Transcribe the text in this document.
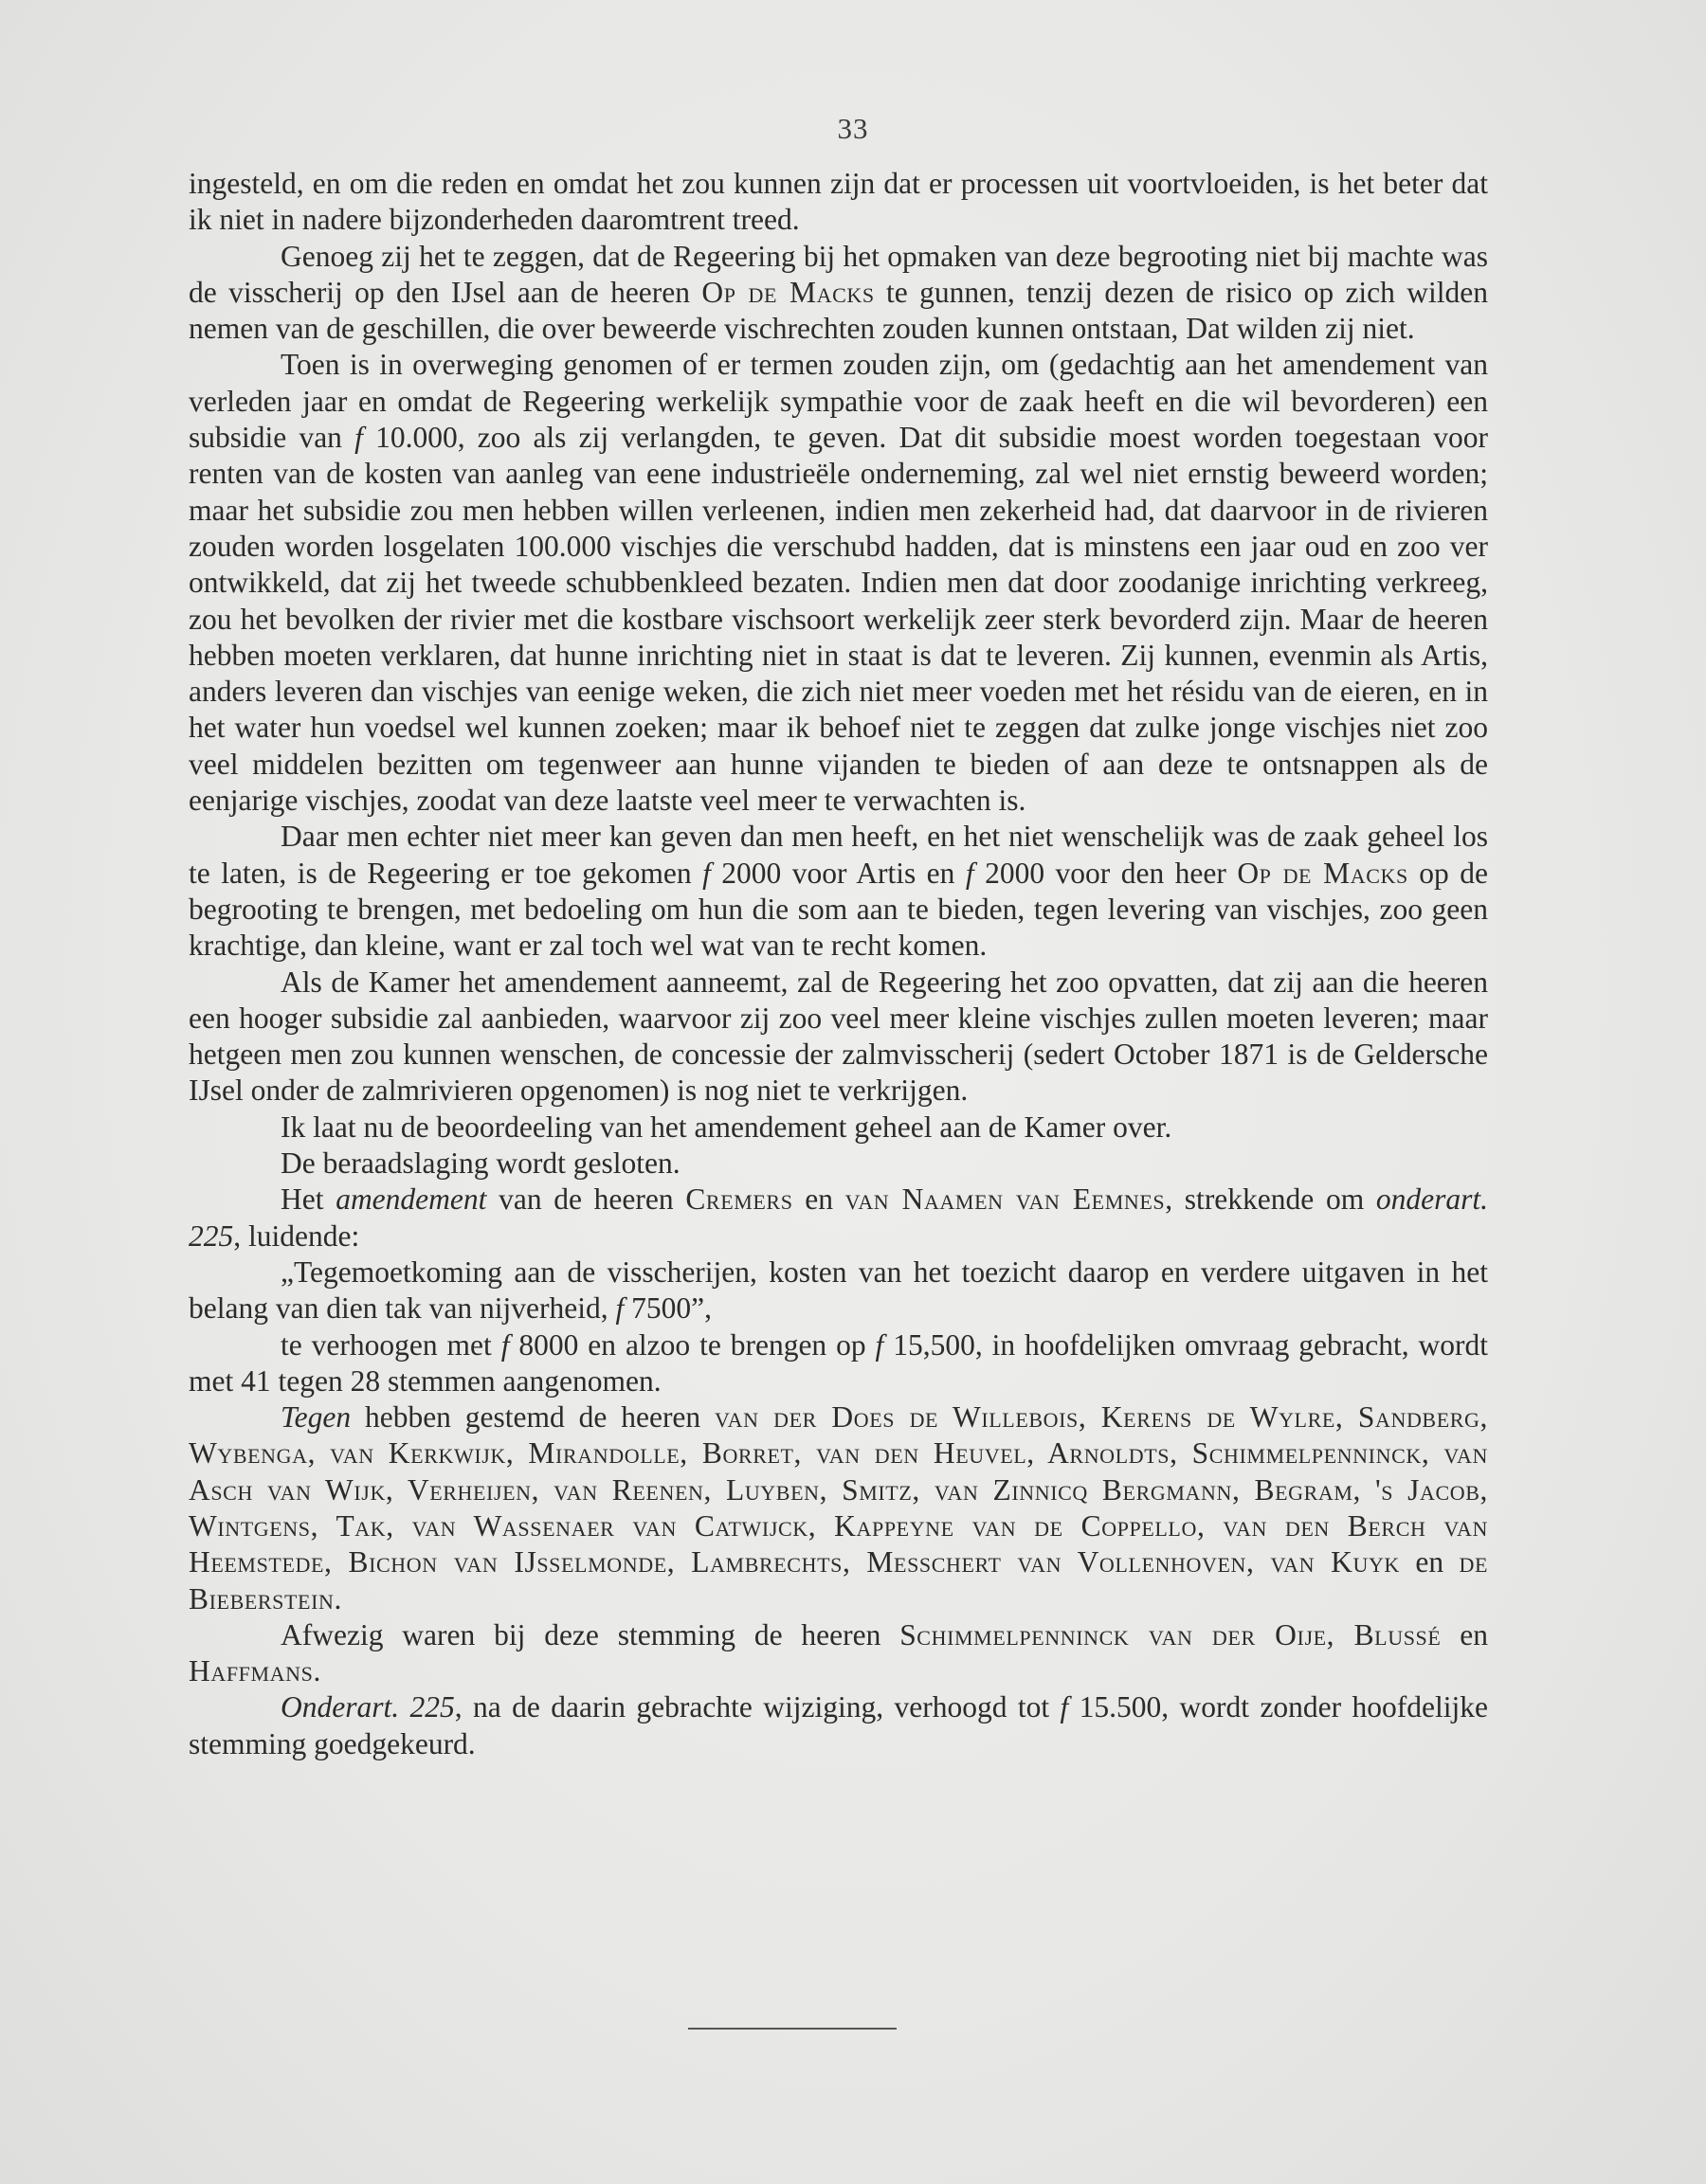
33

ingesteld, en om die reden en omdat het zou kunnen zijn dat er processen uit voortvloeiden, is het beter dat ik niet in nadere bijzonderheden daaromtrent treed.

Genoeg zij het te zeggen, dat de Regeering bij het opmaken van deze begrooting niet bij machte was de visscherij op den IJsel aan de heeren Op de Macks te gunnen, tenzij dezen de risico op zich wilden nemen van de geschillen, die over beweerde vischrechten zouden kunnen ontstaan, Dat wilden zij niet.

Toen is in overweging genomen of er termen zouden zijn, om (gedachtig aan het amendement van verleden jaar en omdat de Regeering werkelijk sympathie voor de zaak heeft en die wil bevorderen) een subsidie van f 10.000, zoo als zij verlangden, te geven. Dat dit subsidie moest worden toegestaan voor renten van de kosten van aanleg van eene industrieële onderneming, zal wel niet ernstig beweerd worden; maar het subsidie zou men hebben willen verleenen, indien men zekerheid had, dat daarvoor in de rivieren zouden worden losgelaten 100.000 vischjes die verschubd hadden, dat is minstens een jaar oud en zoo ver ontwikkeld, dat zij het tweede schubbenkleed bezaten. Indien men dat door zoodanige inrichting verkreeg, zou het bevolken der rivier met die kostbare vischsoort werkelijk zeer sterk bevorderd zijn. Maar de heeren hebben moeten verklaren, dat hunne inrichting niet in staat is dat te leveren. Zij kunnen, evenmin als Artis, anders leveren dan vischjes van eenige weken, die zich niet meer voeden met het résidu van de eieren, en in het water hun voedsel wel kunnen zoeken; maar ik behoef niet te zeggen dat zulke jonge vischjes niet zoo veel middelen bezitten om tegenweer aan hunne vijanden te bieden of aan deze te ontsnappen als de eenjarige vischjes, zoodat van deze laatste veel meer te verwachten is.

Daar men echter niet meer kan geven dan men heeft, en het niet wenschelijk was de zaak geheel los te laten, is de Regeering er toe gekomen f 2000 voor Artis en f 2000 voor den heer Op de Macks op de begrooting te brengen, met bedoeling om hun die som aan te bieden, tegen levering van vischjes, zoo geen krachtige, dan kleine, want er zal toch wel wat van te recht komen.

Als de Kamer het amendement aanneemt, zal de Regeering het zoo opvatten, dat zij aan die heeren een hooger subsidie zal aanbieden, waarvoor zij zoo veel meer kleine vischjes zullen moeten leveren; maar hetgeen men zou kunnen wenschen, de concessie der zalmvisscherij (sedert October 1871 is de Geldersche IJsel onder de zalmrivieren opgenomen) is nog niet te verkrijgen.

Ik laat nu de beoordeeling van het amendement geheel aan de Kamer over.

De beraadslaging wordt gesloten.

Het amendement van de heeren Cremers en van Naamen van Eemnes, strekkende om onderart. 225, luidende:

„Tegemoetkoming aan de visscherijen, kosten van het toezicht daarop en verdere uitgaven in het belang van dien tak van nijverheid, f 7500”,

te verhoogen met f 8000 en alzoo te brengen op f 15,500, in hoofdelijken omvraag gebracht, wordt met 41 tegen 28 stemmen aangenomen.

Tegen hebben gestemd de heeren van der Does de Willebois, Kerens de Wylre, Sandberg, Wybenga, van Kerkwijk, Mirandolle, Borret, van den Heuvel, Arnoldts, Schimmelpenninck, van Asch van Wijk, Verheijen, van Reenen, Luyben, Smitz, van Zinnicq Bergmann, Begram, 's Jacob, Wintgens, Tak, van Wassenaer van Catwijck, Kappeyne van de Coppello, van den Berch van Heemstede, Bichon van IJsselmonde, Lambrechts, Messchert van Vollenhoven, van Kuyk en de Bieberstein.

Afwezig waren bij deze stemming de heeren Schimmelpenninck van der Oije, Blussé en Haffmans.

Onderart. 225, na de daarin gebrachte wijziging, verhoogd tot f 15.500, wordt zonder hoofdelijke stemming goedgekeurd.
